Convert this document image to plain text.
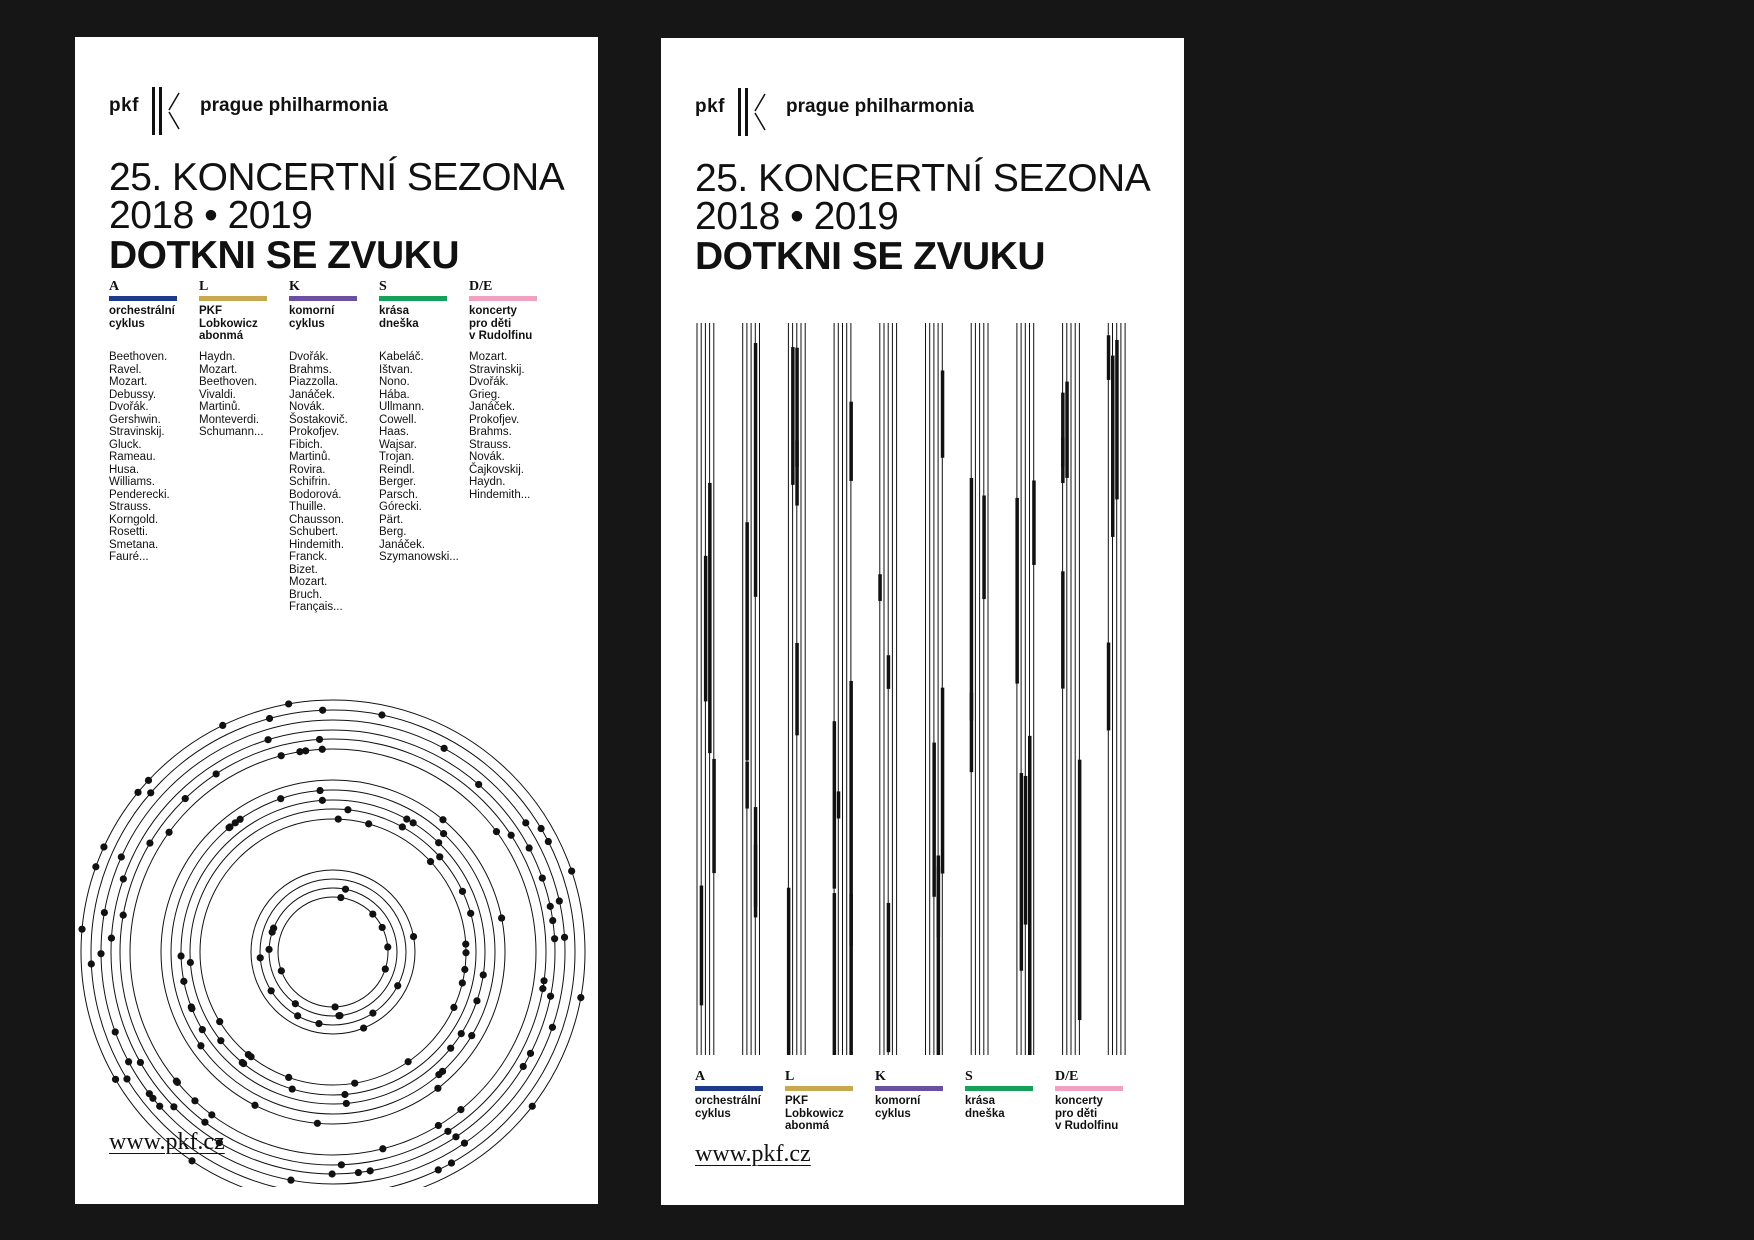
pkf	prague philharmonia
25. KONCERTNÍ SEZONA
2018 • 2019
DOTKNI SE ZVUKU
A
orchestrální
cyklus
Beethoven.
Ravel.
Mozart.
Debussy.
Dvořák.
Gershwin.
Stravinskij.
Gluck.
Rameau.
Husa.
Williams.
Penderecki.
Strauss.
Korngold.
Rosetti.
Smetana.
Fauré...
L
PKF
Lobkowicz
abonmá
Haydn.
Mozart.
Beethoven.
Vivaldi.
Martinů.
Monteverdi.
Schumann...
K
komorní
cyklus
Dvořák.
Brahms.
Piazzolla.
Janáček.
Novák.
Šostakovič.
Prokofjev.
Fibich.
Martinů.
Rovira.
Schifrin.
Bodorová.
Thuille.
Chausson.
Schubert.
Hindemith.
Franck.
Bizet.
Mozart.
Bruch.
Français...
S
krása
dneška
Kabeláč.
Ištvan.
Nono.
Hába.
Ullmann.
Cowell.
Haas.
Wajsar.
Trojan.
Reindl.
Berger.
Parsch.
Górecki.
Pärt.
Berg.
Janáček.
Szymanowski...
D/E
koncerty
pro děti
v Rudolfinu
Mozart.
Stravinskij.
Dvořák.
Grieg.
Janáček.
Prokofjev.
Brahms.
Strauss.
Novák.
Čajkovskij.
Haydn.
Hindemith...
www.pkf.cz
pkf	prague philharmonia
25. KONCERTNÍ SEZONA
2018 • 2019
DOTKNI SE ZVUKU
A
orchestrální
cyklus
L
PKF
Lobkowicz
abonmá
K
komorní
cyklus
S
krása
dneška
D/E
koncerty
pro děti
v Rudolfinu
www.pkf.cz
